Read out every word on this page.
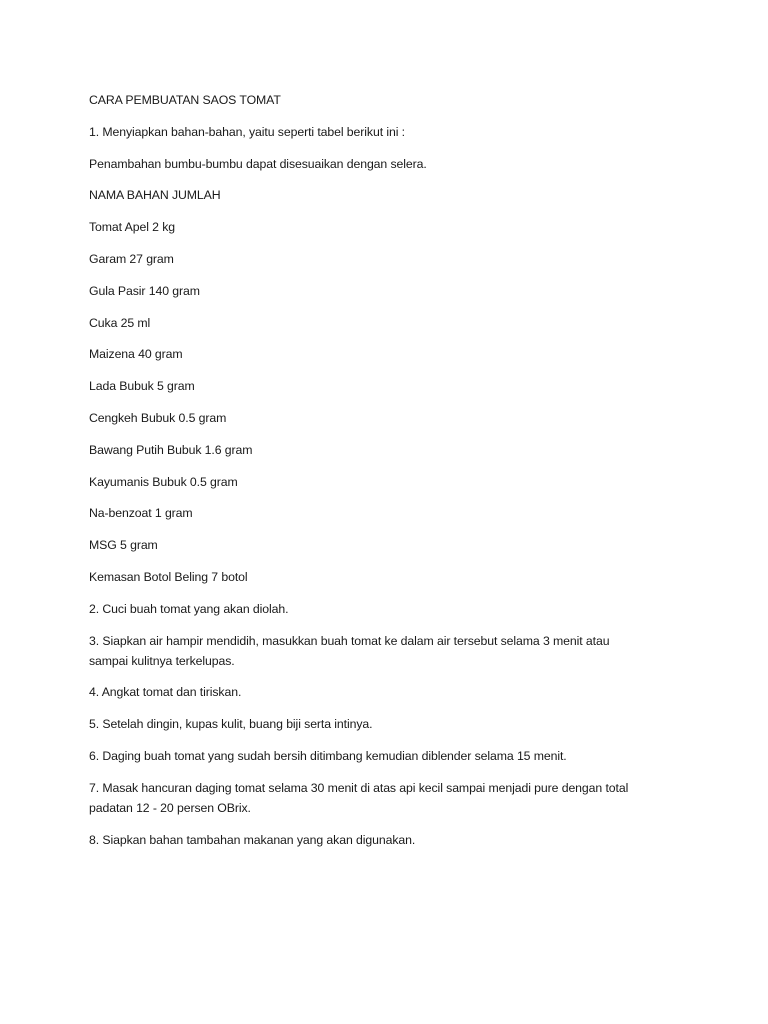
CARA PEMBUATAN SAOS TOMAT
1. Menyiapkan bahan-bahan, yaitu seperti tabel berikut ini :
Penambahan bumbu-bumbu dapat disesuaikan dengan selera.
NAMA BAHAN JUMLAH
Tomat Apel 2 kg
Garam 27 gram
Gula Pasir 140 gram
Cuka 25 ml
Maizena 40 gram
Lada Bubuk 5 gram
Cengkeh Bubuk 0.5 gram
Bawang Putih Bubuk 1.6 gram
Kayumanis Bubuk 0.5 gram
Na-benzoat 1 gram
MSG 5 gram
Kemasan Botol Beling 7 botol
2. Cuci buah tomat yang akan diolah.
3. Siapkan air hampir mendidih, masukkan buah tomat ke dalam air tersebut selama 3 menit atau
sampai kulitnya terkelupas.
4. Angkat tomat dan tiriskan.
5. Setelah dingin, kupas kulit, buang biji serta intinya.
6. Daging buah tomat yang sudah bersih ditimbang kemudian diblender selama 15 menit.
7. Masak hancuran daging tomat selama 30 menit di atas api kecil sampai menjadi pure dengan total
padatan 12 - 20 persen OBrix.
8. Siapkan bahan tambahan makanan yang akan digunakan.
